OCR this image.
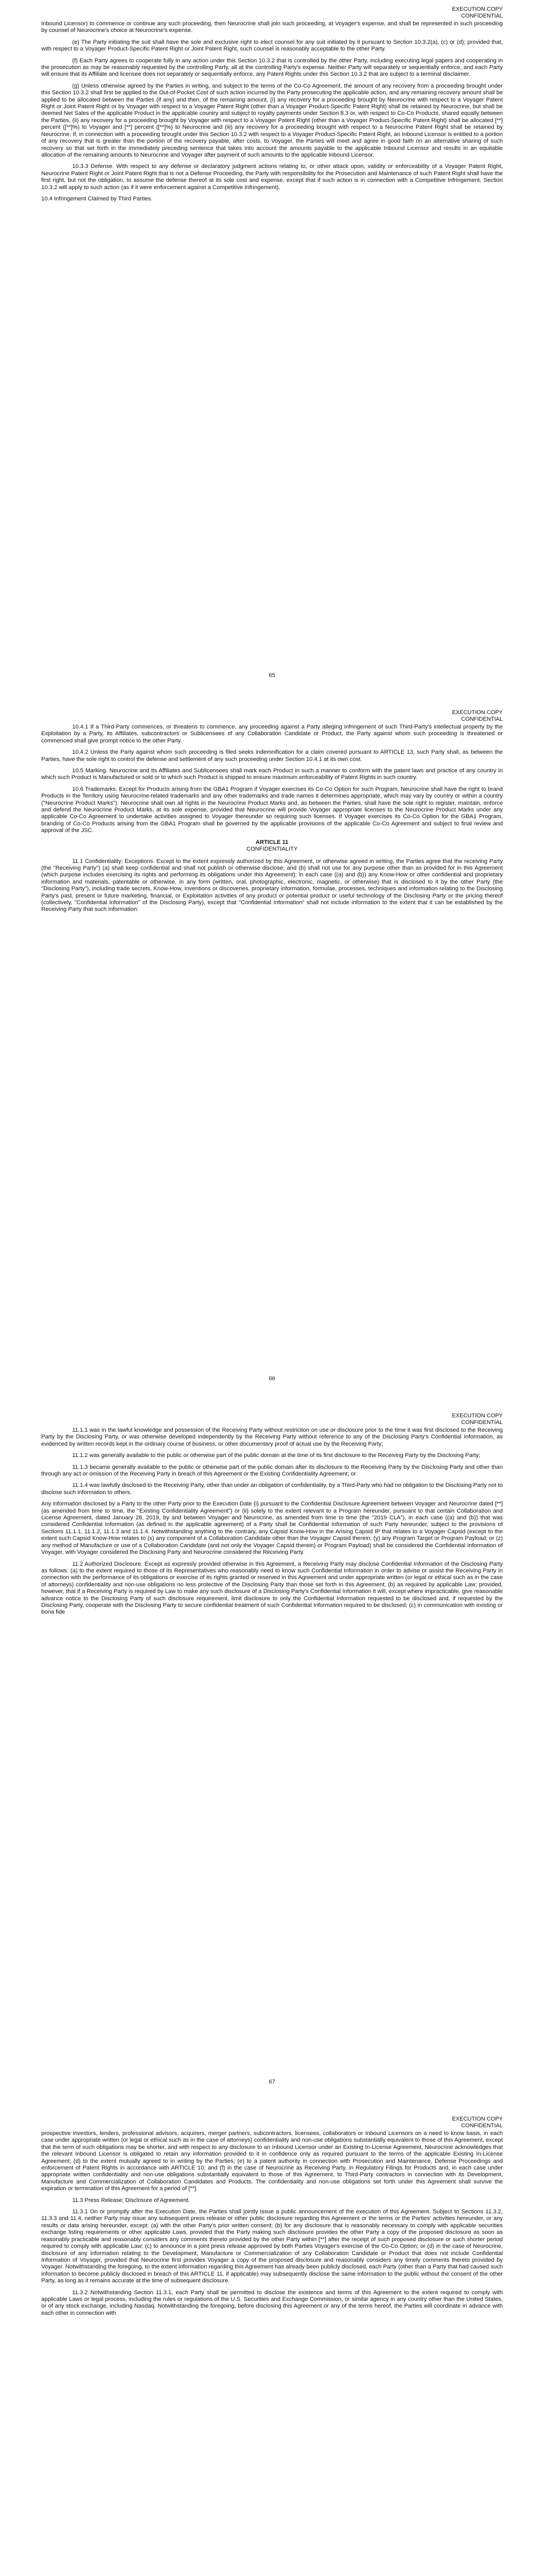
EXECUTION COPY
CONFIDENTIAL

Inbound Licensor) to commence or continue any such proceeding, then Neurocrine shall join such proceeding, at Voyager's expense, and shall be represented in such proceeding by counsel of Neurocrine's choice at Neurocrine's expense.

(e) The Party initiating the suit shall have the sole and exclusive right to elect counsel for any suit initiated by it pursuant to Section 10.3.2(a), (c) or (d); provided that, with respect to a Voyager Product-Specific Patent Right or Joint Patent Right, such counsel is reasonably acceptable to the other Party.

(f) Each Party agrees to cooperate fully in any action under this Section 10.3.2 that is controlled by the other Party, including executing legal papers and cooperating in the prosecution as may be reasonably requested by the controlling Party, all at the controlling Party's expense. Neither Party will separately or sequentially enforce, and each Party will ensure that its Affiliate and licensee does not separately or sequentially enforce, any Patent Rights under this Section 10.3.2 that are subject to a terminal disclaimer.

(g) Unless otherwise agreed by the Parties in writing, and subject to the terms of the Co-Co Agreement, the amount of any recovery from a proceeding brought under this Section 10.3.2 shall first be applied to the Out-of-Pocket Cost of such action incurred by the Party prosecuting the applicable action, and any remaining recovery amount shall be applied to be allocated between the Parties (if any) and then, of the remaining amount, (i) any recovery for a proceeding brought by Neurocrine with respect to a Voyager Patent Right or Joint Patent Right or by Voyager with respect to a Voyager Patent Right (other than a Voyager Product-Specific Patent Right) shall be retained by Neurocrine, but shall be deemed Net Sales of the applicable Product in the applicable country and subject to royalty payments under Section 8.3 or, with respect to Co-Co Products, shared equally between the Parties, (ii) any recovery for a proceeding brought by Voyager with respect to a Voyager Patent Right (other than a Voyager Product-Specific Patent Right) shall be allocated [**] percent ([**]%) to Voyager and [**] percent ([**]%) to Neurocrine and (iii) any recovery for a proceeding brought with respect to a Neurocrine Patent Right shall be retained by Neurocrine. If, in connection with a proceeding brought under this Section 10.3.2 with respect to a Voyager Product-Specific Patent Right, an Inbound Licensor is entitled to a portion of any recovery that is greater than the portion of the recovery payable, after costs, to Voyager, the Parties will meet and agree in good faith on an alternative sharing of such recovery so that set forth in the immediately preceding sentence that takes into account the amounts payable to the applicable Inbound Licensor and results in an equitable allocation of the remaining amounts to Neurocrine and Voyager after payment of such amounts to the applicable Inbound Licensor.

10.3.3 Defense. With respect to any defense or declaratory judgment actions relating to, or other attack upon, validity or enforceability of a Voyager Patent Right, Neurocrine Patent Right or Joint Patent Right that is not a Defense Proceeding, the Party with responsibility for the Prosecution and Maintenance of such Patent Right shall have the first right, but not the obligation, to assume the defense thereof at its sole cost and expense, except that if such action is in connection with a Competitive Infringement, Section 10.3.2 will apply to such action (as if it were enforcement against a Competitive Infringement).

10.4 Infringement Claimed by Third Parties.

65
EXECUTION COPY
CONFIDENTIAL

10.4.1 If a Third-Party commences, or threatens to commence, any proceeding against a Party alleging infringement of such Third-Party's intellectual property by the Exploitation by a Party, its Affiliates, subcontractors or Sublicensees of any Collaboration Candidate or Product, the Party against whom such proceeding is threatened or commenced shall give prompt notice to the other Party.

10.4.2 Unless the Party against whom such proceeding is filed seeks indemnification for a claim covered pursuant to ARTICLE 13, such Party shall, as between the Parties, have the sole right to control the defense and settlement of any such proceeding under Section 10.4.1 at its own cost.

10.5 Marking. Neurocrine and its Affiliates and Sublicensees shall mark each Product in such a manner to conform with the patent laws and practice of any country in which such Product is Manufactured or sold or to which such Product is shipped to ensure maximum enforceability of Patent Rights in such country.

10.6 Trademarks. Except for Products arising from the GBA1 Program if Voyager exercises its Co-Co Option for such Program, Neurocrine shall have the right to brand Products in the Territory using Neurocrine-related trademarks and any other trademarks and trade names it determines appropriate, which may vary by country or within a country ("Neurocrine Product Marks"). Neurocrine shall own all rights in the Neurocrine Product Marks and, as between the Parties, shall have the sole right to register, maintain, enforce and defend the Neurocrine Product Marks, at its sole expense, provided that Neurocrine will provide Voyager appropriate licenses to the Neurocrine Product Marks under any applicable Co-Co Agreement to undertake activities assigned to Voyager thereunder so requiring such licenses. If Voyager exercises its Co-Co Option for the GBA1 Program, branding of Co-Co Products arising from the GBA1 Program shall be governed by the applicable provisions of the applicable Co-Co Agreement and subject to final review and approval of the JSC.

ARTICLE 11
CONFIDENTIALITY

11.1 Confidentiality; Exceptions. Except to the extent expressly authorized by this Agreement, or otherwise agreed in writing, the Parties agree that the receiving Party (the "Receiving Party") (a) shall keep confidential and shall not publish or otherwise disclose; and (b) shall not use for any purpose other than as provided for in this Agreement (which purpose includes exercising its rights and performing its obligations under this Agreement); in each case ((a) and (b)) any Know-How or other confidential and proprietary information and materials, patentable or otherwise, in any form (written, oral, photographic, electronic, magnetic, or otherwise) that is disclosed to it by the other Party (the "Disclosing Party"), including trade secrets, Know-How, Inventions or discoveries, proprietary information, formulae, processes, techniques and information relating to the Disclosing Party's past, present or future marketing, financial, or Exploitation activities of any product or potential product or useful technology of the Disclosing Party or the pricing thereof (collectively, "Confidential Information" of the Disclosing Party), except that "Confidential Information" shall not include information to the extent that it can be established by the Receiving Party that such information:

66
EXECUTION COPY
CONFIDENTIAL

11.1.1 was in the lawful knowledge and possession of the Receiving Party without restriction on use or disclosure prior to the time it was first disclosed to the Receiving Party by the Disclosing Party, or was otherwise developed independently by the Receiving Party without reference to any of the Disclosing Party's Confidential Information, as evidenced by written records kept in the ordinary course of business, or other documentary proof of actual use by the Receiving Party;

11.1.2 was generally available to the public or otherwise part of the public domain at the time of its first disclosure to the Receiving Party by the Disclosing Party;

11.1.3 became generally available to the public or otherwise part of the public domain after its disclosure to the Receiving Party by the Disclosing Party and other than through any act or omission of the Receiving Party in breach of this Agreement or the Existing Confidentiality Agreement; or

11.1.4 was lawfully disclosed to the Receiving Party, other than under an obligation of confidentiality, by a Third-Party who had no obligation to the Disclosing Party not to disclose such information to others.

Any information disclosed by a Party to the other Party prior to the Execution Date (i) pursuant to the Confidential Disclosure Agreement between Voyager and Neurocrine dated [**] (as amended from time to time, the "Existing Confidentiality Agreement") or (ii) solely to the extent relevant to a Program hereunder, pursuant to that certain Collaboration and License Agreement, dated January 28, 2019, by and between Voyager and Neurocrine, as amended from time to time (the "2019 CLA"), in each case ((a) and (b)) that was considered Confidential Information (as defined in the applicable agreement) of a Party shall be Confidential Information of such Party hereunder, subject to the provisions of Sections 11.1.1, 11.1.2, 11.1.3 and 11.1.4. Notwithstanding anything to the contrary, any Capsid Know-How in the Arising Capsid IP that relates to a Voyager Capsid (except to the extent such Capsid Know-How relates to (x) any component of a Collaboration Candidate other than the Voyager Capsid therein; (y) any Program Target or Program Payload; or (z) any method of Manufacture or use of a Collaboration Candidate (and not only the Voyager Capsid therein) or Program Payload) shall be considered the Confidential Information of Voyager, with Voyager considered the Disclosing Party and Neurocrine considered the Receiving Party.

11.2 Authorized Disclosure. Except as expressly provided otherwise in this Agreement, a Receiving Party may disclose Confidential Information of the Disclosing Party as follows: (a) to the extent required to those of its Representatives who reasonably need to know such Confidential Information in order to advise or assist the Receiving Party in connection with the performance of its obligations or exercise of its rights granted or reserved in this Agreement and under appropriate written (or legal or ethical such as in the case of attorneys) confidentiality and non-use obligations no less protective of the Disclosing Party than those set forth in this Agreement; (b) as required by applicable Law; provided, however, that if a Receiving Party is required by Law to make any such disclosure of a Disclosing Party's Confidential Information it will, except where impracticable, give reasonable advance notice to the Disclosing Party of such disclosure requirement, limit disclosure to only the Confidential Information requested to be disclosed and, if requested by the Disclosing Party, cooperate with the Disclosing Party to secure confidential treatment of such Confidential Information required to be disclosed; (c) in communication with existing or bona fide

67
EXECUTION COPY
CONFIDENTIAL

prospective investors, lenders, professional advisors, acquirers, merger partners, subcontractors, licensees, collaborators or Inbound Licensors on a need to know basis, in each case under appropriate written (or legal or ethical such as in the case of attorneys) confidentiality and non-use obligations substantially equivalent to those of this Agreement, except that the term of such obligations may be shorter, and with respect to any disclosure to an Inbound Licensor under an Existing In-License Agreement, Neurocrine acknowledges that the relevant Inbound Licensor is obligated to retain any information provided to it in confidence only as required pursuant to the terms of the applicable Existing In-License Agreement; (d) to the extent mutually agreed to in writing by the Parties; (e) to a patent authority in connection with Prosecution and Maintenance, Defense Proceedings and enforcement of Patent Rights in accordance with ARTICLE 10; and (f) in the case of Neurocrine as Receiving Party, in Regulatory Filings for Products and, in each case under appropriate written confidentiality and non-use obligations substantially equivalent to those of this Agreement, to Third-Party contractors in connection with its Development, Manufacture and Commercialization of Collaboration Candidates and Products. The confidentiality and non-use obligations set forth under this Agreement shall survive the expiration or termination of this Agreement for a period of [**].

11.3 Press Release; Disclosure of Agreement.

11.3.1 On or promptly after the Execution Date, the Parties shall jointly issue a public announcement of the execution of this Agreement. Subject to Sections 11.3.2, 11.3.3 and 11.4, neither Party may issue any subsequent press release or other public disclosure regarding this Agreement or the terms or the Parties' activities hereunder, or any results or data arising hereunder, except: (a) with the other Party's prior written consent; (b) for any disclosure that is reasonably necessary to comply with applicable securities exchange listing requirements or other applicable Laws, provided that the Party making such disclosure provides the other Party a copy of the proposed disclosure as soon as reasonably practicable and reasonably considers any comments thereto provided by the other Party within [**] after the receipt of such proposed disclosure or such shorter period required to comply with applicable Law; (c) to announce in a joint press release approved by both Parties Voyager's exercise of the Co-Co Option; or (d) in the case of Neurocrine, disclosure of any information relating to the Development, Manufacture or Commercialization of any Collaboration Candidate or Product that does not include Confidential Information of Voyager, provided that Neurocrine first provides Voyager a copy of the proposed disclosure and reasonably considers any timely comments thereto provided by Voyager. Notwithstanding the foregoing, to the extent information regarding this Agreement has already been publicly disclosed, each Party (other than a Party that had caused such information to become publicly disclosed in breach of this ARTICLE 11, if applicable) may subsequently disclose the same information to the public without the consent of the other Party, as long as it remains accurate at the time of subsequent disclosure.

11.3.2 Notwithstanding Section 11.3.1, each Party shall be permitted to disclose the existence and terms of this Agreement to the extent required to comply with applicable Laws or legal process, including the rules or regulations of the U.S. Securities and Exchange Commission, or similar agency in any country other than the United States, or of any stock exchange, including Nasdaq. Notwithstanding the foregoing, before disclosing this Agreement or any of the terms hereof, the Parties will coordinate in advance with each other in connection with
